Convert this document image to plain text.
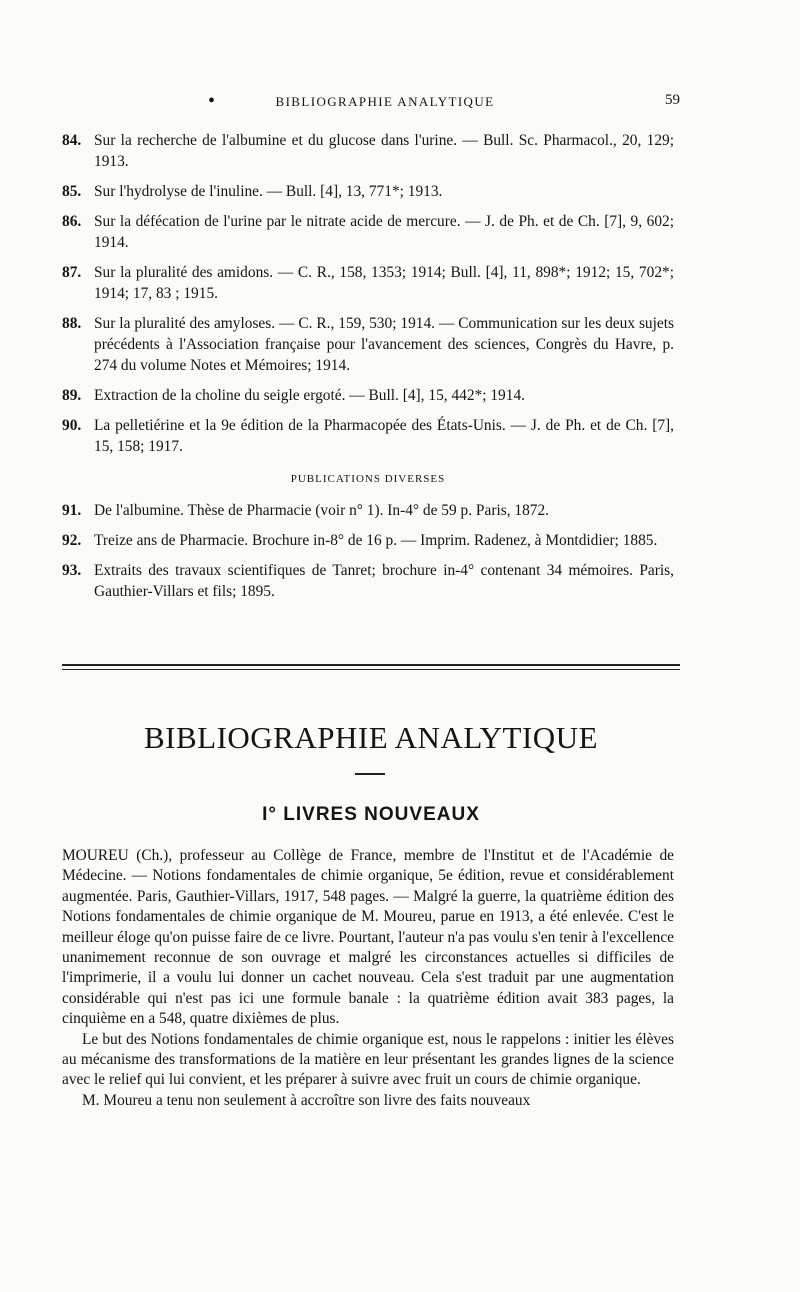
•	BIBLIOGRAPHIE ANALYTIQUE	59
84. Sur la recherche de l'albumine et du glucose dans l'urine. — Bull. Sc. Pharmacol., 20, 129; 1913.
85. Sur l'hydrolyse de l'inuline. — Bull. [4], 13, 771*; 1913.
86. Sur la défécation de l'urine par le nitrate acide de mercure. — J. de Ph. et de Ch. [7], 9, 602; 1914.
87. Sur la pluralité des amidons. — C. R., 158, 1353; 1914; Bull. [4], 11, 898*; 1912; 15, 702*; 1914; 17, 83 ; 1915.
88. Sur la pluralité des amyloses. — C. R., 159, 530; 1914. — Communication sur les deux sujets précédents à l'Association française pour l'avancement des sciences, Congrès du Havre, p. 274 du volume Notes et Mémoires; 1914.
89. Extraction de la choline du seigle ergoté. — Bull. [4], 15, 442*; 1914.
90. La pelletiérine et la 9e édition de la Pharmacopée des États-Unis. — J. de Ph. et de Ch. [7], 15, 158; 1917.
PUBLICATIONS DIVERSES
91. De l'albumine. Thèse de Pharmacie (voir n° 1). In-4° de 59 p. Paris, 1872.
92. Treize ans de Pharmacie. Brochure in-8° de 16 p. — Imprim. Radenez, à Montdidier; 1885.
93. Extraits des travaux scientifiques de Tanret; brochure in-4° contenant 34 mémoires. Paris, Gauthier-Villars et fils; 1895.
BIBLIOGRAPHIE ANALYTIQUE
I° LIVRES NOUVEAUX

MOUREU (Ch.), professeur au Collège de France, membre de l'Institut et de l'Académie de Médecine. — Notions fondamentales de chimie organique, 5e édition, revue et considérablement augmentée. Paris, Gauthier-Villars, 1917, 548 pages. — Malgré la guerre, la quatrième édition des Notions fondamentales de chimie organique de M. Moureu, parue en 1913, a été enlevée. C'est le meilleur éloge qu'on puisse faire de ce livre. Pourtant, l'auteur n'a pas voulu s'en tenir à l'excellence unanimement reconnue de son ouvrage et malgré les circonstances actuelles si difficiles de l'imprimerie, il a voulu lui donner un cachet nouveau. Cela s'est traduit par une augmentation considérable qui n'est pas ici une formule banale : la quatrième édition avait 383 pages, la cinquième en a 548, quatre dixièmes de plus.

Le but des Notions fondamentales de chimie organique est, nous le rappelons : initier les élèves au mécanisme des transformations de la matière en leur présentant les grandes lignes de la science avec le relief qui lui convient, et les préparer à suivre avec fruit un cours de chimie organique.

M. Moureu a tenu non seulement à accroître son livre des faits nouveaux
